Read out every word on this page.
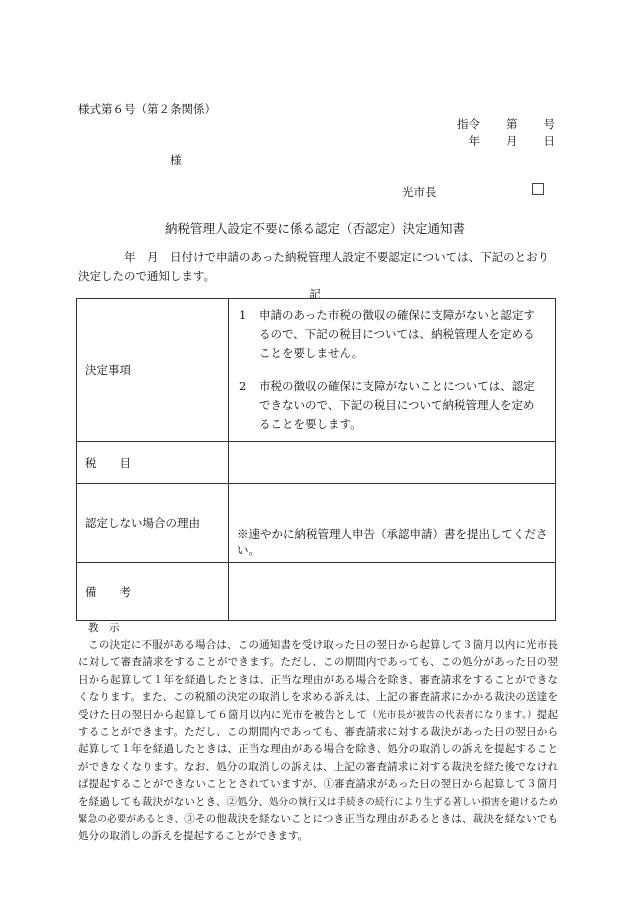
様式第６号（第２条関係）
指令 第 号
年 月 日
様
光市長
納税管理人設定不要に係る認定（否認定）決定通知書
年　月　日付けで申請のあった納税管理人設定不要認定については、下記のとおり決定したので通知します。
記
決定事項	1 申請のあった市税の徴収の確保に支障がないと認定するので、下記の税目については、納税管理人を定めることを要しません。
2 市税の徴収の確保に支障がないことについては、認定できないので、下記の税目について納税管理人を定めることを要します。

税　　目	
認定しない場合の理由	※速やかに納税管理人申告（承認申請）書を提出してください。
備　　考	
教　示

この決定に不服がある場合は、この通知書を受け取った日の翌日から起算して３箇月以内に光市長に対して審査請求をすることができます。ただし、この期間内であっても、この処分があった日の翌日から起算して１年を経過したときは、正当な理由がある場合を除き、審査請求をすることができなくなります。また、この税額の決定の取消しを求める訴えは、上記の審査請求にかかる裁決の送達を受けた日の翌日から起算して６箇月以内に光市を被告として（光市長が被告の代表者になります。）提起することができます。ただし、この期間内であっても、審査請求に対する裁決があった日の翌日から起算して１年を経過したときは、正当な理由がある場合を除き、処分の取消しの訴えを提起することができなくなります。なお、処分の取消しの訴えは、上記の審査請求に対する裁決を経た後でなければ提起することができないこととされていますが、①審査請求があった日の翌日から起算して３箇月を経過しても裁決がないとき、②処分、処分の執行又は手続きの続行により生ずる著しい損害を避けるため緊急の必要があるとき、③その他裁決を経ないことにつき正当な理由があるときは、裁決を経ないでも処分の取消しの訴えを提起することができます。
